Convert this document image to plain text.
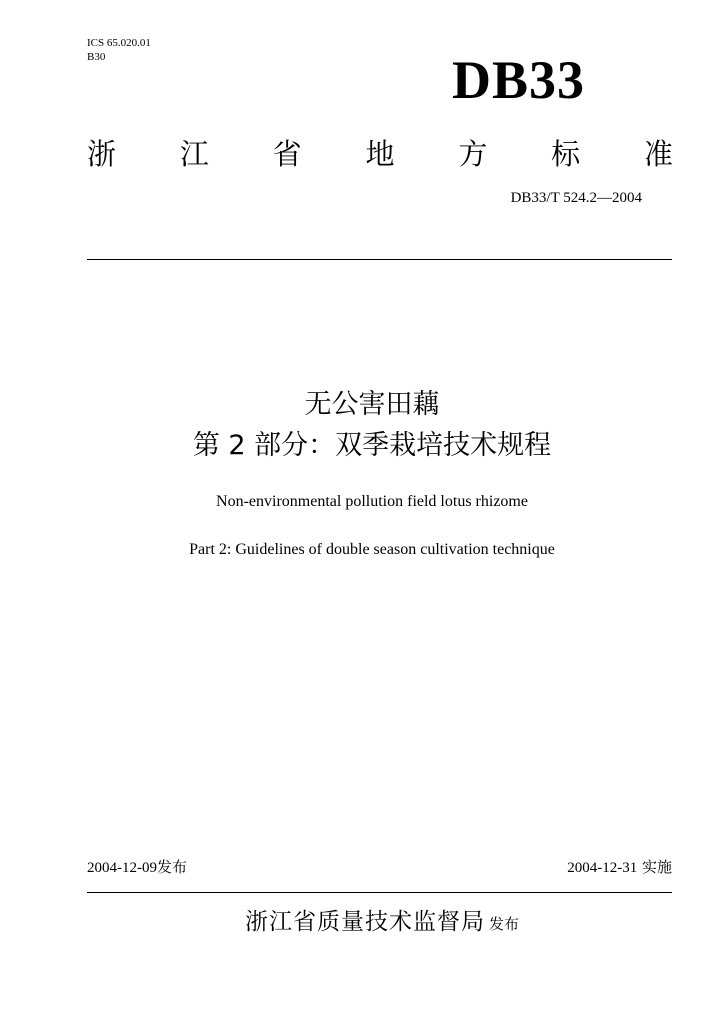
ICS 65.020.01
B30	DB33
浙 江 省 地 方 标 准
DB33/T 524.2—2004
无公害田藕
第 2 部分：双季栽培技术规程
Non-environmental pollution field lotus rhizome
Part 2: Guidelines of double season cultivation technique
2004-12-09发布	2004-12-31 实施
浙江省质量技术监督局 发布
